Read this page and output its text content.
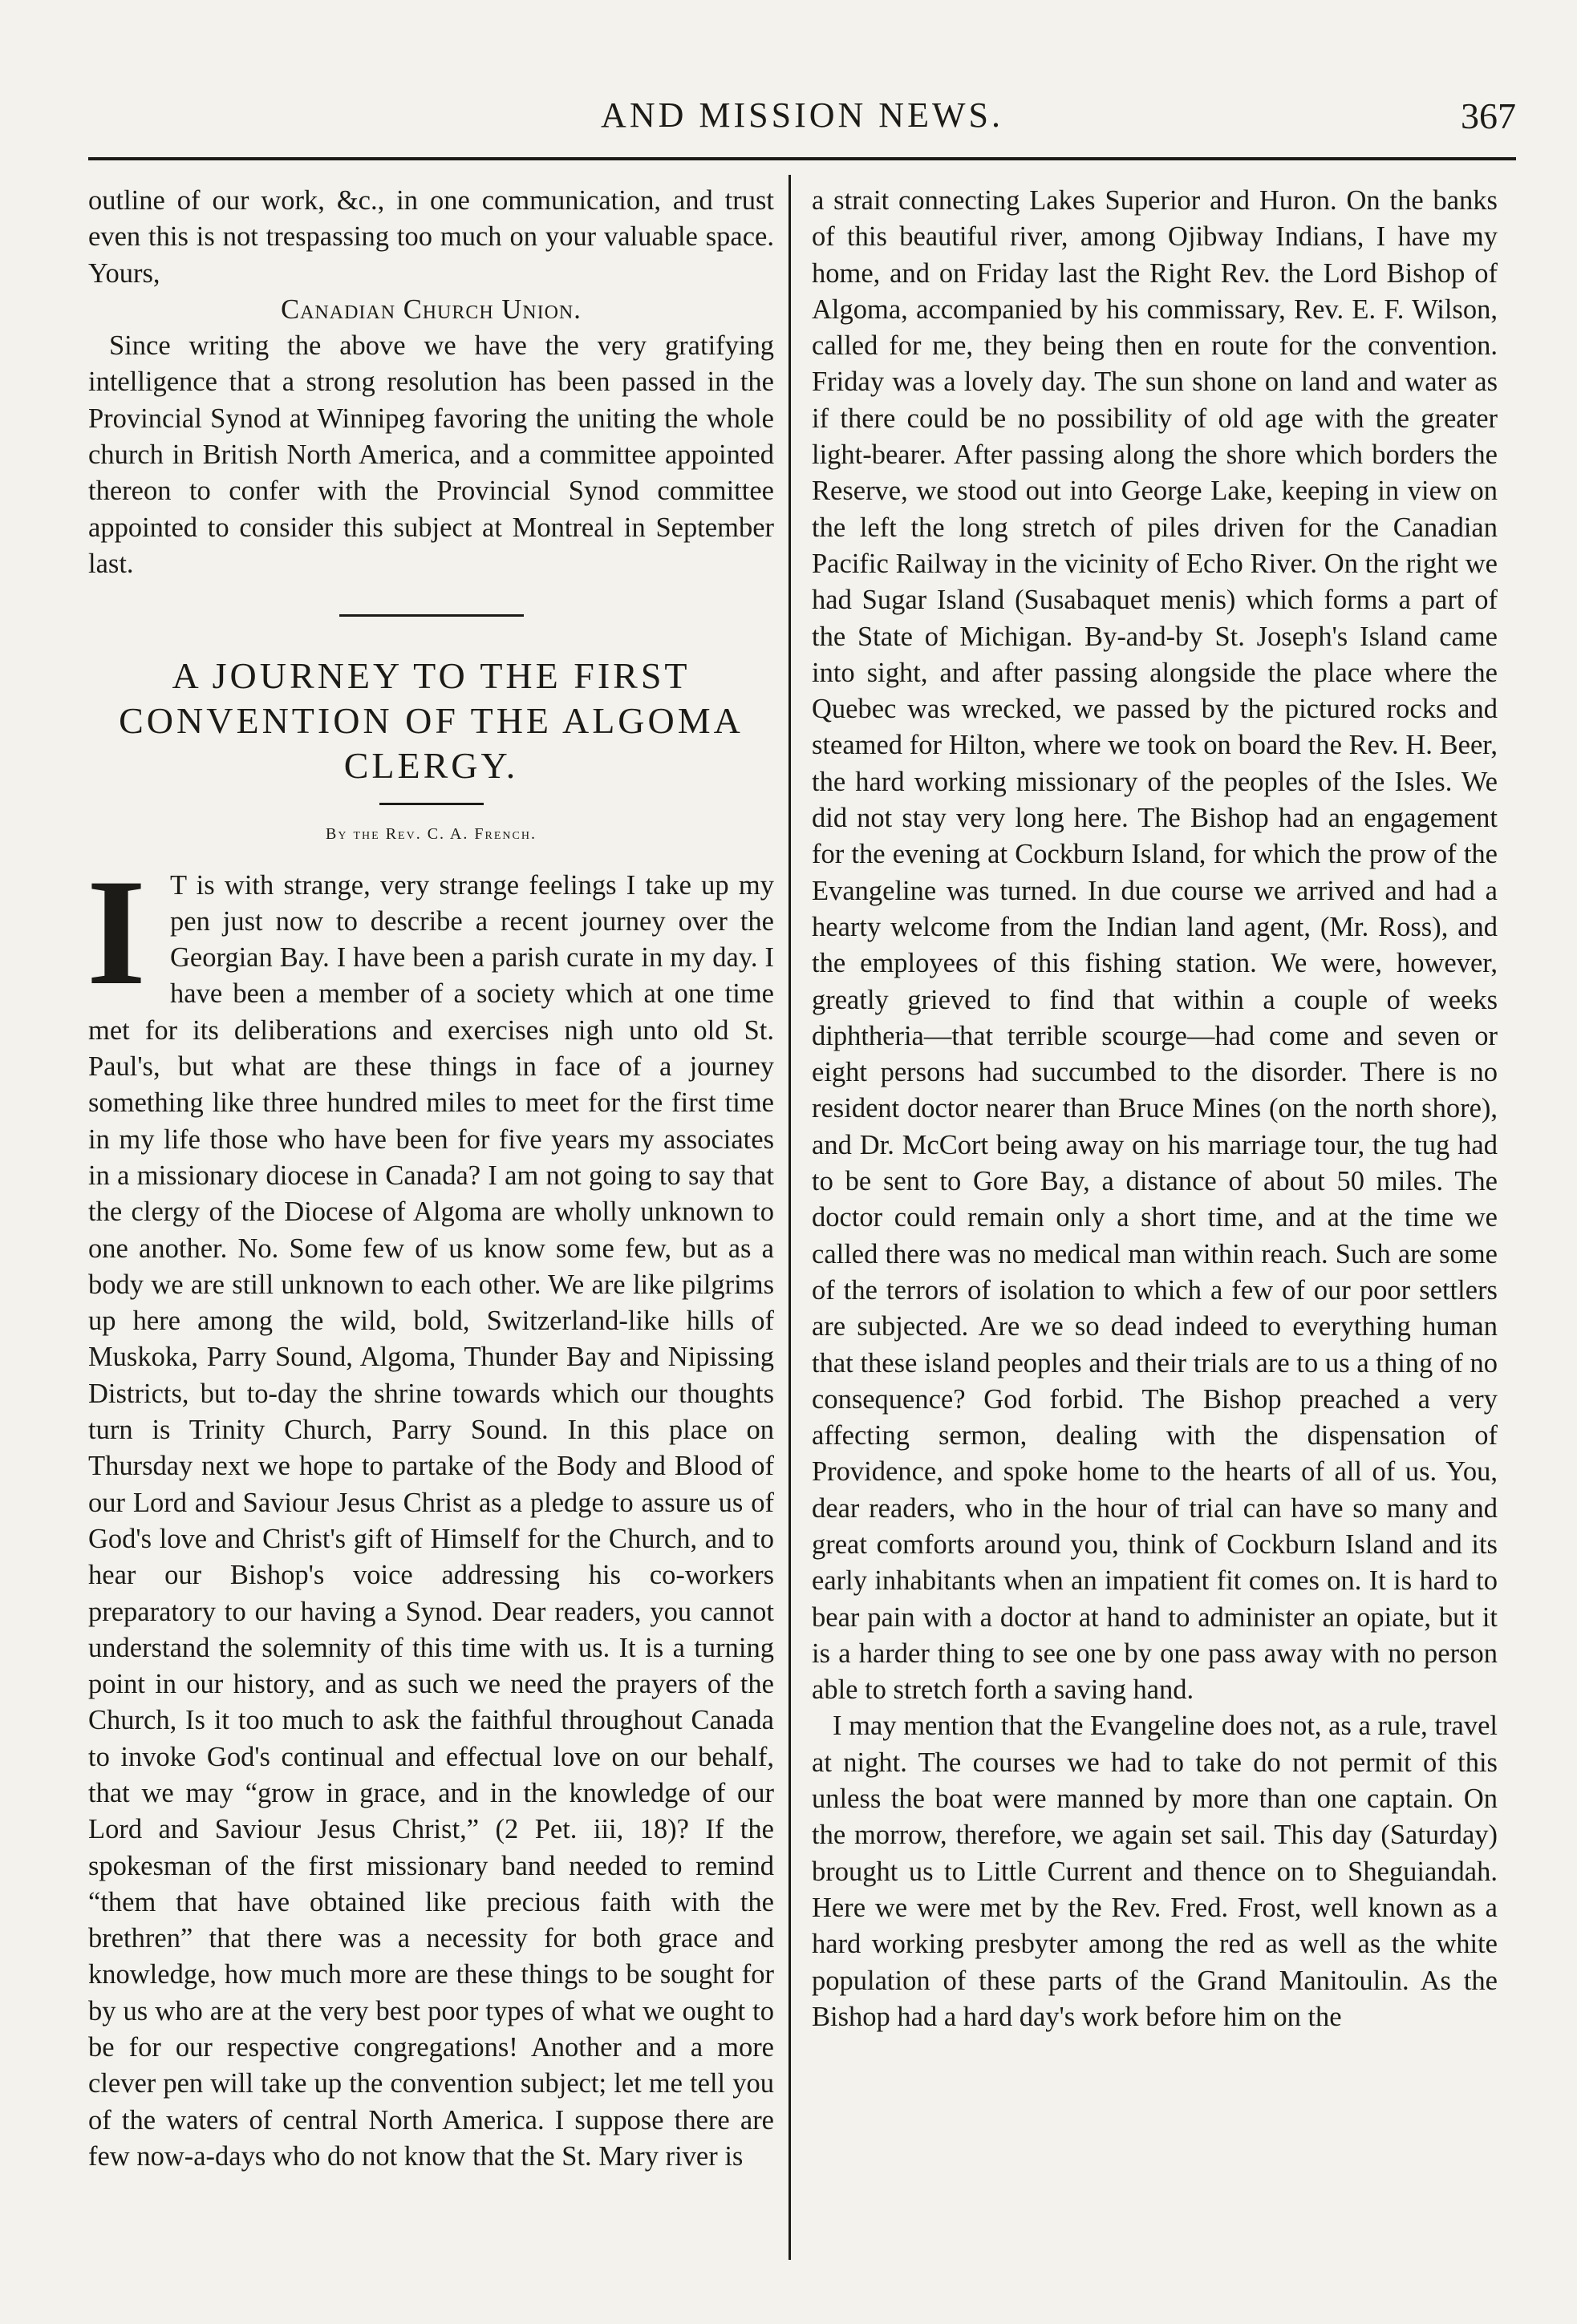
AND MISSION NEWS.	367

outline of our work, &c., in one communication, and trust even this is not trespassing too much on your valuable space. Yours,

Canadian Church Union.

Since writing the above we have the very gratifying intelligence that a strong resolution has been passed in the Provincial Synod at Winnipeg favoring the uniting the whole church in British North America, and a committee appointed thereon to confer with the Provincial Synod committee appointed to consider this subject at Montreal in September last.

A JOURNEY TO THE FIRST CONVENTION OF THE ALGOMA CLERGY.
By the Rev. C. A. French.
I T is with strange, very strange feelings I take up my pen just now to describe a recent journey over the Georgian Bay. I have been a parish curate in my day. I have been a member of a society which at one time met for its deliberations and exercises nigh unto old St. Paul's, but what are these things in face of a journey something like three hundred miles to meet for the first time in my life those who have been for five years my associates in a missionary diocese in Canada? I am not going to say that the clergy of the Diocese of Algoma are wholly unknown to one another. No. Some few of us know some few, but as a body we are still unknown to each other. We are like pilgrims up here among the wild, bold, Switzerland-like hills of Muskoka, Parry Sound, Algoma, Thunder Bay and Nipissing Districts, but to-day the shrine towards which our thoughts turn is Trinity Church, Parry Sound. In this place on Thursday next we hope to partake of the Body and Blood of our Lord and Saviour Jesus Christ as a pledge to assure us of God's love and Christ's gift of Himself for the Church, and to hear our Bishop's voice addressing his co-workers preparatory to our having a Synod. Dear readers, you cannot understand the solemnity of this time with us. It is a turning point in our history, and as such we need the prayers of the Church, Is it too much to ask the faithful throughout Canada to invoke God's continual and effectual love on our behalf, that we may “grow in grace, and in the knowledge of our Lord and Saviour Jesus Christ,” (2 Pet. iii, 18)? If the spokesman of the first missionary band needed to remind “them that have obtained like precious faith with the brethren” that there was a necessity for both grace and knowledge, how much more are these things to be sought for by us who are at the very best poor types of what we ought to be for our respective congregations! Another and a more clever pen will take up the convention subject; let me tell you of the waters of central North America. I suppose there are few now-a-days who do not know that the St. Mary river is

a strait connecting Lakes Superior and Huron. On the banks of this beautiful river, among Ojibway Indians, I have my home, and on Friday last the Right Rev. the Lord Bishop of Algoma, accompanied by his commissary, Rev. E. F. Wilson, called for me, they being then en route for the convention. Friday was a lovely day. The sun shone on land and water as if there could be no possibility of old age with the greater light-bearer. After passing along the shore which borders the Reserve, we stood out into George Lake, keeping in view on the left the long stretch of piles driven for the Canadian Pacific Railway in the vicinity of Echo River. On the right we had Sugar Island (Susabaquet menis) which forms a part of the State of Michigan. By-and-by St. Joseph's Island came into sight, and after passing alongside the place where the Quebec was wrecked, we passed by the pictured rocks and steamed for Hilton, where we took on board the Rev. H. Beer, the hard working missionary of the peoples of the Isles. We did not stay very long here. The Bishop had an engagement for the evening at Cockburn Island, for which the prow of the Evangeline was turned. In due course we arrived and had a hearty welcome from the Indian land agent, (Mr. Ross), and the employees of this fishing station. We were, however, greatly grieved to find that within a couple of weeks diphtheria—that terrible scourge—had come and seven or eight persons had succumbed to the disorder. There is no resident doctor nearer than Bruce Mines (on the north shore), and Dr. McCort being away on his marriage tour, the tug had to be sent to Gore Bay, a distance of about 50 miles. The doctor could remain only a short time, and at the time we called there was no medical man within reach. Such are some of the terrors of isolation to which a few of our poor settlers are subjected. Are we so dead indeed to everything human that these island peoples and their trials are to us a thing of no consequence? God forbid. The Bishop preached a very affecting sermon, dealing with the dispensation of Providence, and spoke home to the hearts of all of us. You, dear readers, who in the hour of trial can have so many and great comforts around you, think of Cockburn Island and its early inhabitants when an impatient fit comes on. It is hard to bear pain with a doctor at hand to administer an opiate, but it is a harder thing to see one by one pass away with no person able to stretch forth a saving hand.

I may mention that the Evangeline does not, as a rule, travel at night. The courses we had to take do not permit of this unless the boat were manned by more than one captain. On the morrow, therefore, we again set sail. This day (Saturday) brought us to Little Current and thence on to Sheguiandah. Here we were met by the Rev. Fred. Frost, well known as a hard working presbyter among the red as well as the white population of these parts of the Grand Manitoulin. As the Bishop had a hard day's work before him on the
